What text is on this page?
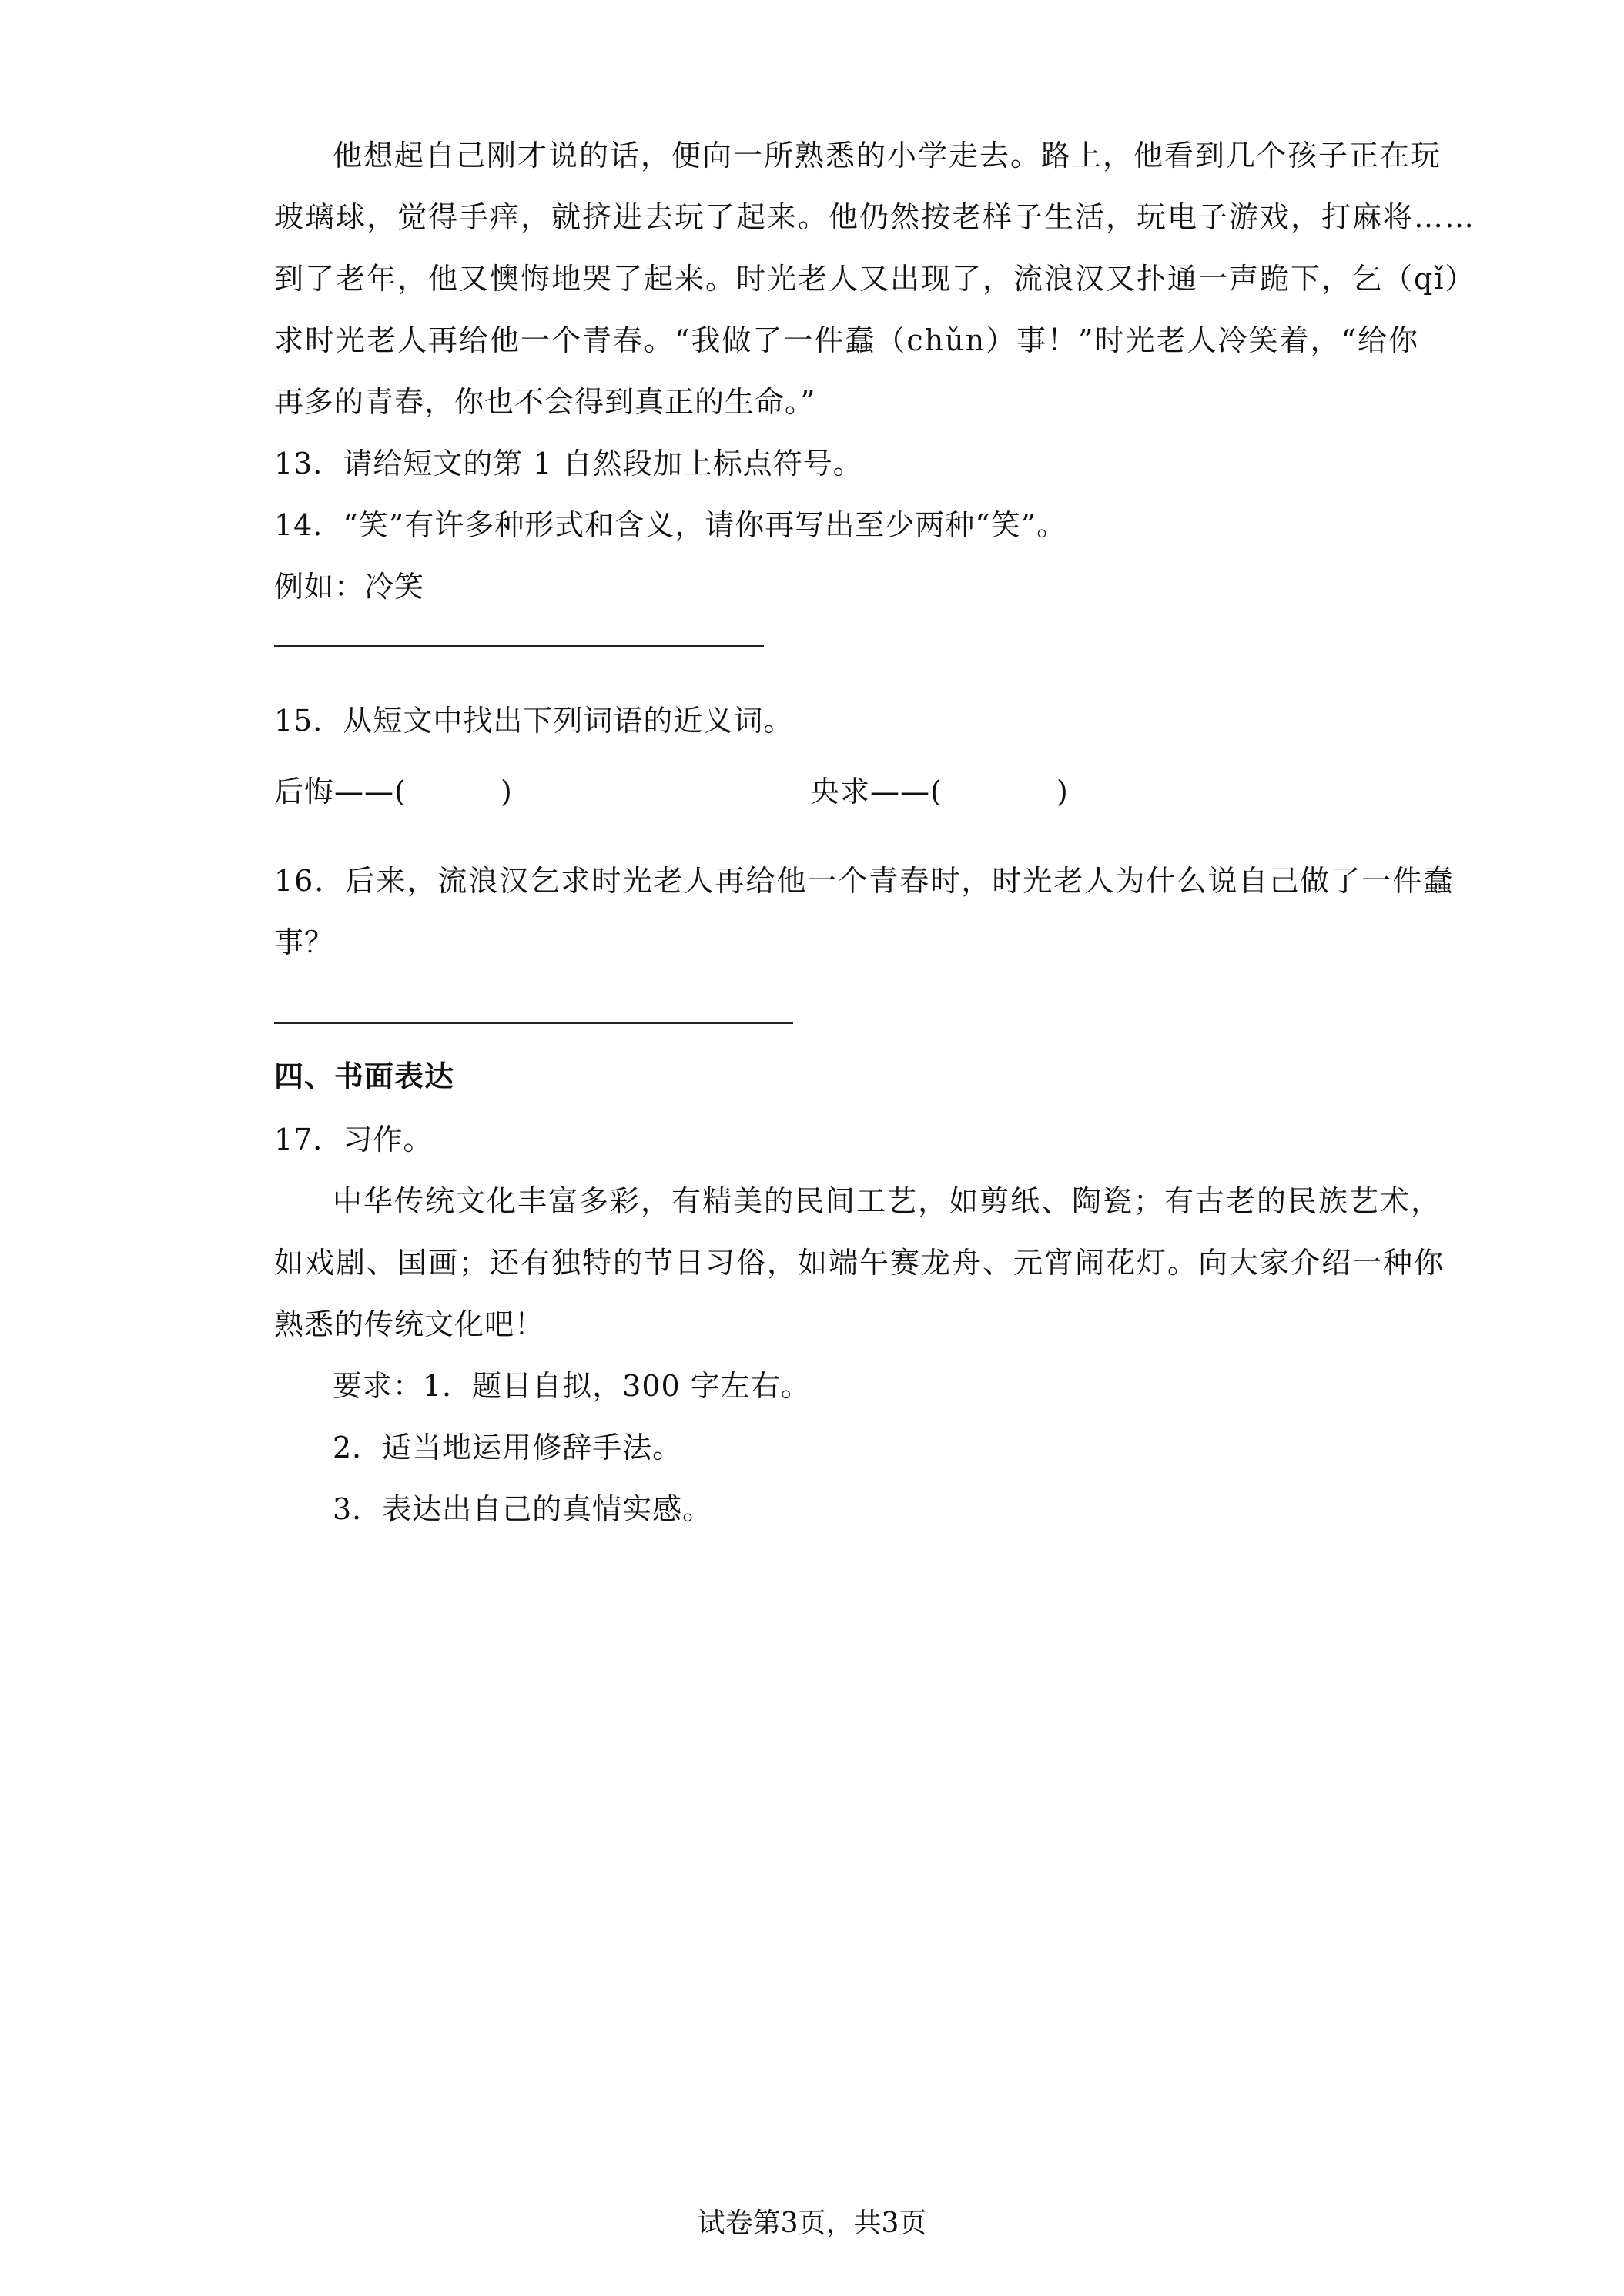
他想起自己刚才说的话，便向一所熟悉的小学走去。路上，他看到几个孩子正在玩
玻璃球，觉得手痒，就挤进去玩了起来。他仍然按老样子生活，玩电子游戏，打麻将……
到了老年，他又懊悔地哭了起来。时光老人又出现了，流浪汉又扑通一声跪下，乞（qǐ）
求时光老人再给他一个青春。“我做了一件蠢（chǔn）事！”时光老人冷笑着，“给你
再多的青春，你也不会得到真正的生命。”
13．请给短文的第 1 自然段加上标点符号。
14．“笑”有许多种形式和含义，请你再写出至少两种“笑”。
例如：冷笑
15．从短文中找出下列词语的近义词。
后悔——(	)	央求——(	)
16．后来，流浪汉乞求时光老人再给他一个青春时，时光老人为什么说自己做了一件蠢
事？
四、书面表达
17．习作。
中华传统文化丰富多彩，有精美的民间工艺，如剪纸、陶瓷；有古老的民族艺术，
如戏剧、国画；还有独特的节日习俗，如端午赛龙舟、元宵闹花灯。向大家介绍一种你
熟悉的传统文化吧！
要求：1．题目自拟，300 字左右。
2．适当地运用修辞手法。
3．表达出自己的真情实感。
试卷第3页，共3页
